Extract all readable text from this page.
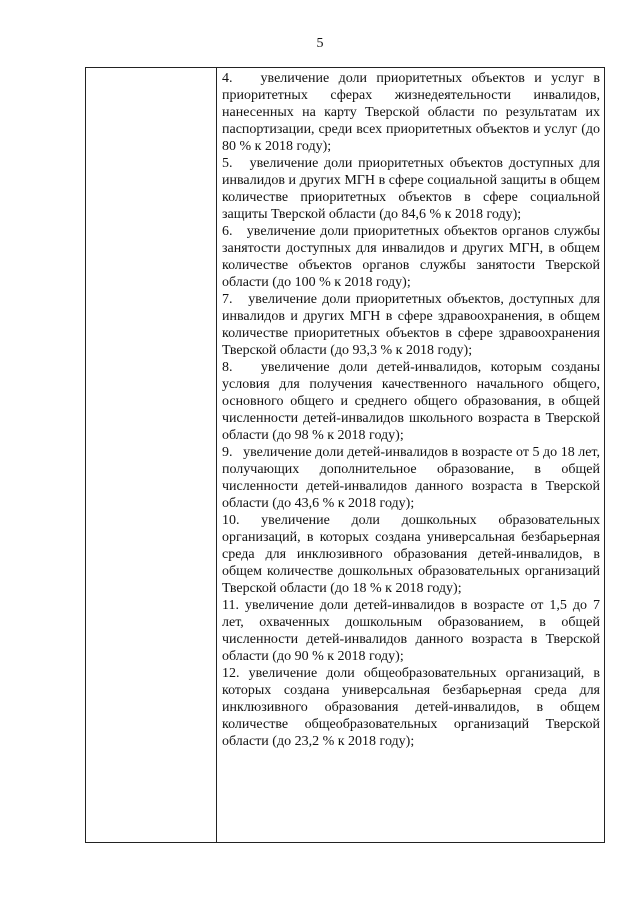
5

4.   увеличение доли приоритетных объектов и услуг в приоритетных сферах жизнедеятельности инвалидов, нанесенных на карту Тверской области по результатам их паспортизации, среди всех приоритетных объектов и услуг (до 80 % к 2018 году);

5.   увеличение доли приоритетных объектов доступных для инвалидов и других МГН в сфере социальной защиты в общем количестве приоритетных объектов в сфере социальной защиты Тверской области (до 84,6 % к 2018 году);

6.   увеличение доли приоритетных объектов органов службы занятости доступных для инвалидов и других МГН, в общем количестве объектов органов службы занятости Тверской области (до 100 % к 2018 году);

7.   увеличение доли приоритетных объектов, доступных для инвалидов и других МГН в сфере здравоохранения, в общем количестве приоритетных объектов в сфере здравоохранения Тверской области (до 93,3 % к 2018 году);

8.   увеличение доли детей-инвалидов, которым созданы условия для получения качественного начального общего, основного общего и среднего общего образования, в общей численности детей-инвалидов школьного возраста в Тверской области (до 98 % к 2018 году);

9.   увеличение доли детей-инвалидов в возрасте от 5 до 18 лет, получающих дополнительное образование, в общей численности детей-инвалидов данного возраста в Тверской области (до 43,6 % к 2018 году);

10. увеличение доли дошкольных образовательных организаций, в которых создана универсальная безбарьерная среда для инклюзивного образования детей-инвалидов, в общем количестве дошкольных образовательных организаций Тверской области (до 18 % к 2018 году);

11. увеличение доли детей-инвалидов в возрасте от 1,5 до 7 лет, охваченных дошкольным образованием, в общей численности детей-инвалидов данного возраста в Тверской области (до 90 % к 2018 году);

12. увеличение доли общеобразовательных организаций, в которых создана универсальная безбарьерная среда для инклюзивного образования детей-инвалидов, в общем количестве общеобразовательных организаций Тверской области (до 23,2 % к 2018 году);
